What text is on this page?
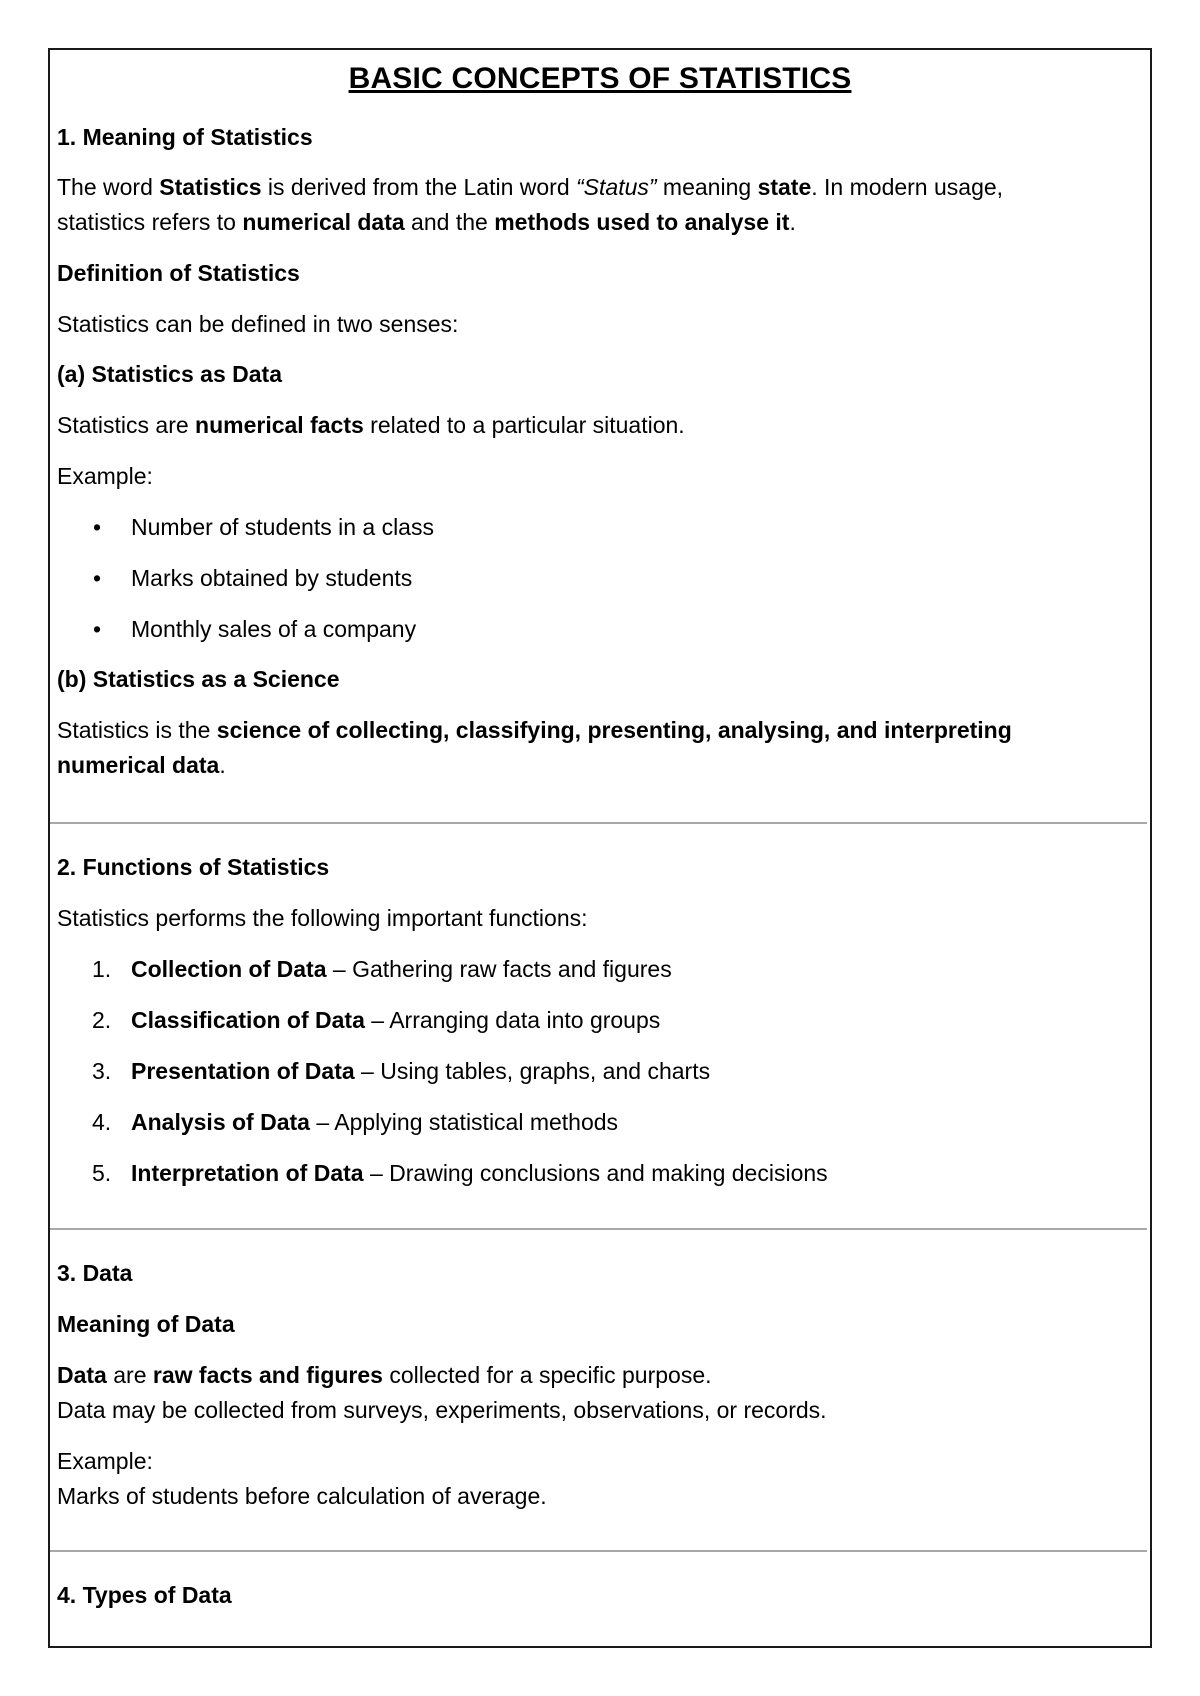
BASIC CONCEPTS OF STATISTICS
1. Meaning of Statistics
The word Statistics is derived from the Latin word “Status” meaning state. In modern usage,
statistics refers to numerical data and the methods used to analyse it.
Definition of Statistics
Statistics can be defined in two senses:
(a) Statistics as Data
Statistics are numerical facts related to a particular situation.
Example:
• Number of students in a class
• Marks obtained by students
• Monthly sales of a company
(b) Statistics as a Science
Statistics is the science of collecting, classifying, presenting, analysing, and interpreting
numerical data.
2. Functions of Statistics
Statistics performs the following important functions:
1. Collection of Data – Gathering raw facts and figures
2. Classification of Data – Arranging data into groups
3. Presentation of Data – Using tables, graphs, and charts
4. Analysis of Data – Applying statistical methods
5. Interpretation of Data – Drawing conclusions and making decisions
3. Data
Meaning of Data
Data are raw facts and figures collected for a specific purpose.
Data may be collected from surveys, experiments, observations, or records.
Example:
Marks of students before calculation of average.
4. Types of Data
